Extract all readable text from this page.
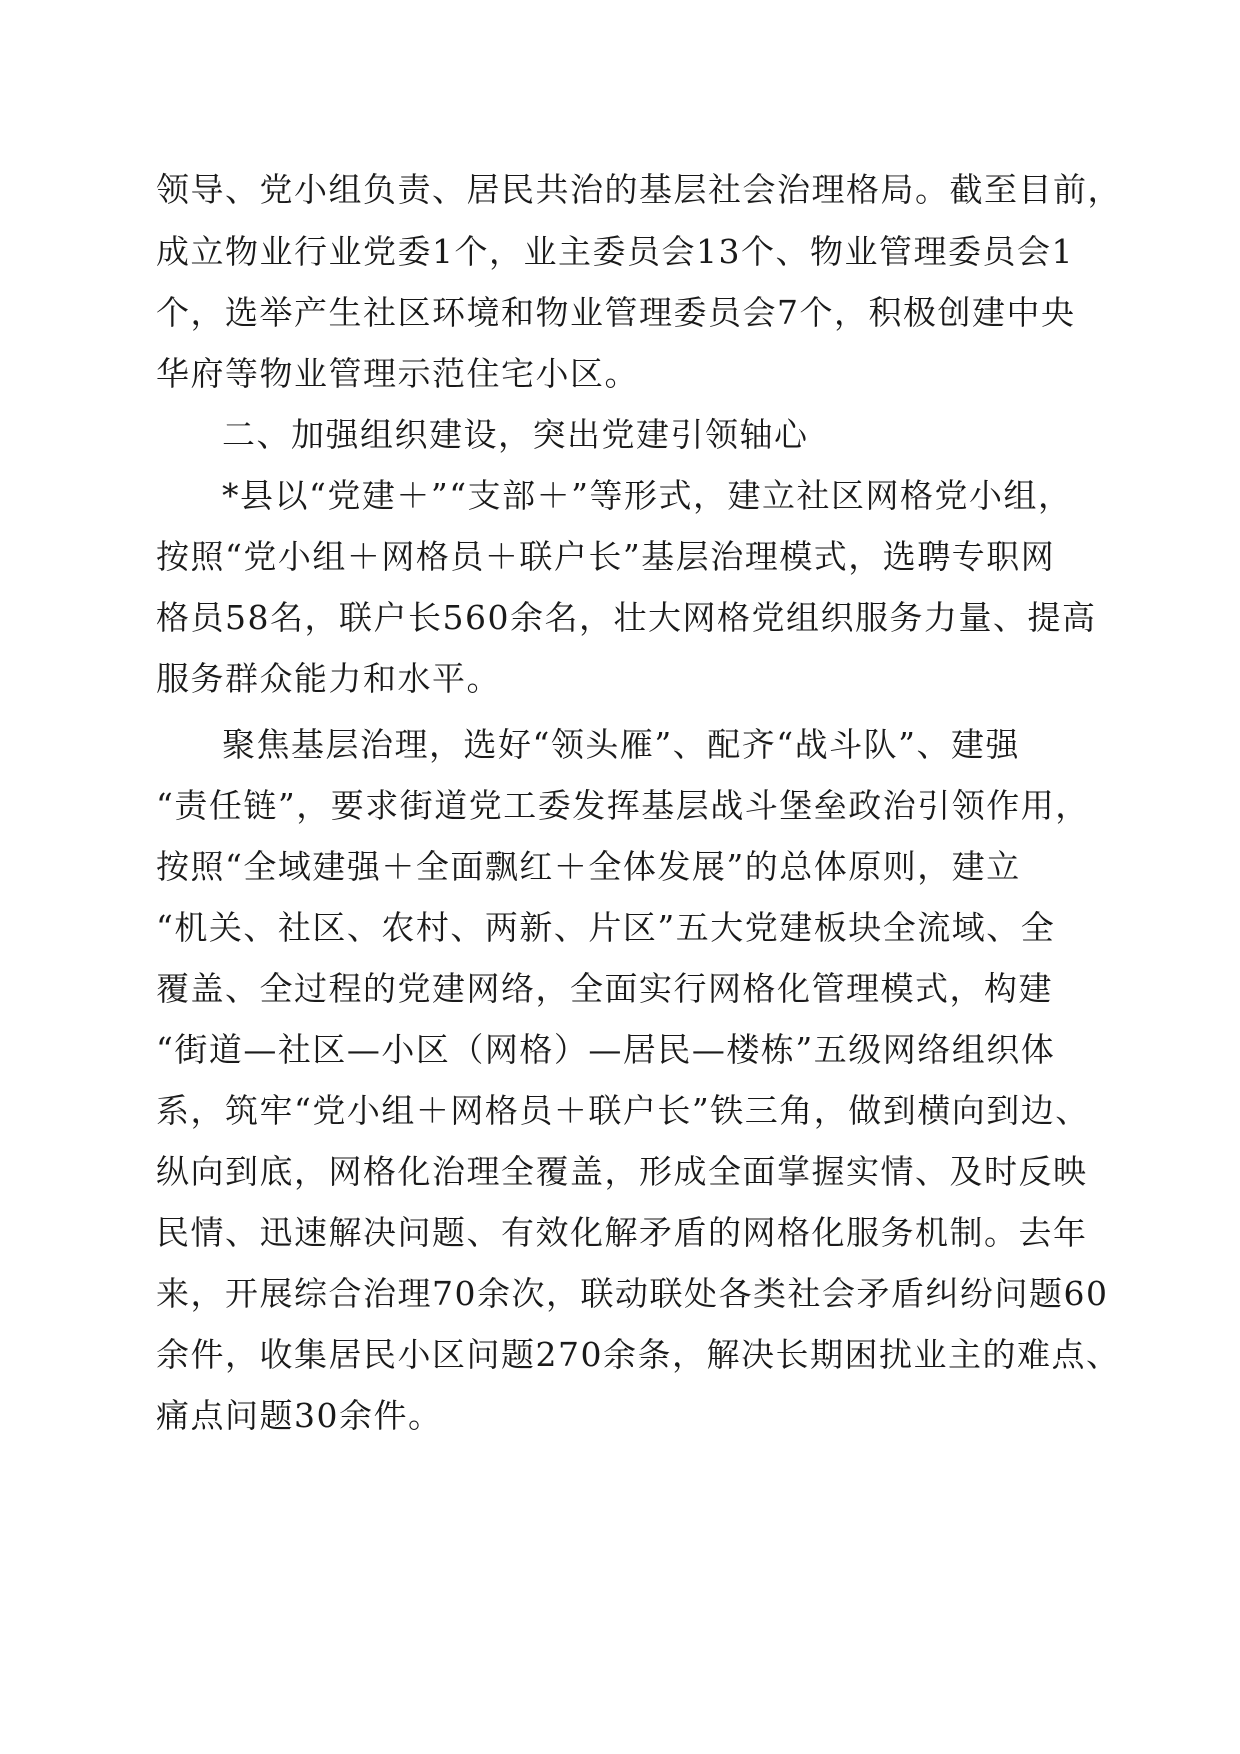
领导、党小组负责、居民共治的基层社会治理格局。截至目前，
成立物业行业党委1个，业主委员会13个、物业管理委员会1
个，选举产生社区环境和物业管理委员会7个，积极创建中央
华府等物业管理示范住宅小区。
二、加强组织建设，突出党建引领轴心
*县以“党建＋”“支部＋”等形式，建立社区网格党小组，
按照“党小组＋网格员＋联户长”基层治理模式，选聘专职网
格员58名，联户长560余名，壮大网格党组织服务力量、提高
服务群众能力和水平。
聚焦基层治理，选好“领头雁”、配齐“战斗队”、建强
“责任链”，要求街道党工委发挥基层战斗堡垒政治引领作用，
按照“全域建强＋全面飘红＋全体发展”的总体原则，建立
“机关、社区、农村、两新、片区”五大党建板块全流域、全
覆盖、全过程的党建网络，全面实行网格化管理模式，构建
“街道—社区—小区（网格）—居民—楼栋”五级网络组织体
系，筑牢“党小组＋网格员＋联户长”铁三角，做到横向到边、
纵向到底，网格化治理全覆盖，形成全面掌握实情、及时反映
民情、迅速解决问题、有效化解矛盾的网格化服务机制。去年
来，开展综合治理70余次，联动联处各类社会矛盾纠纷问题60
余件，收集居民小区问题270余条，解决长期困扰业主的难点、
痛点问题30余件。
